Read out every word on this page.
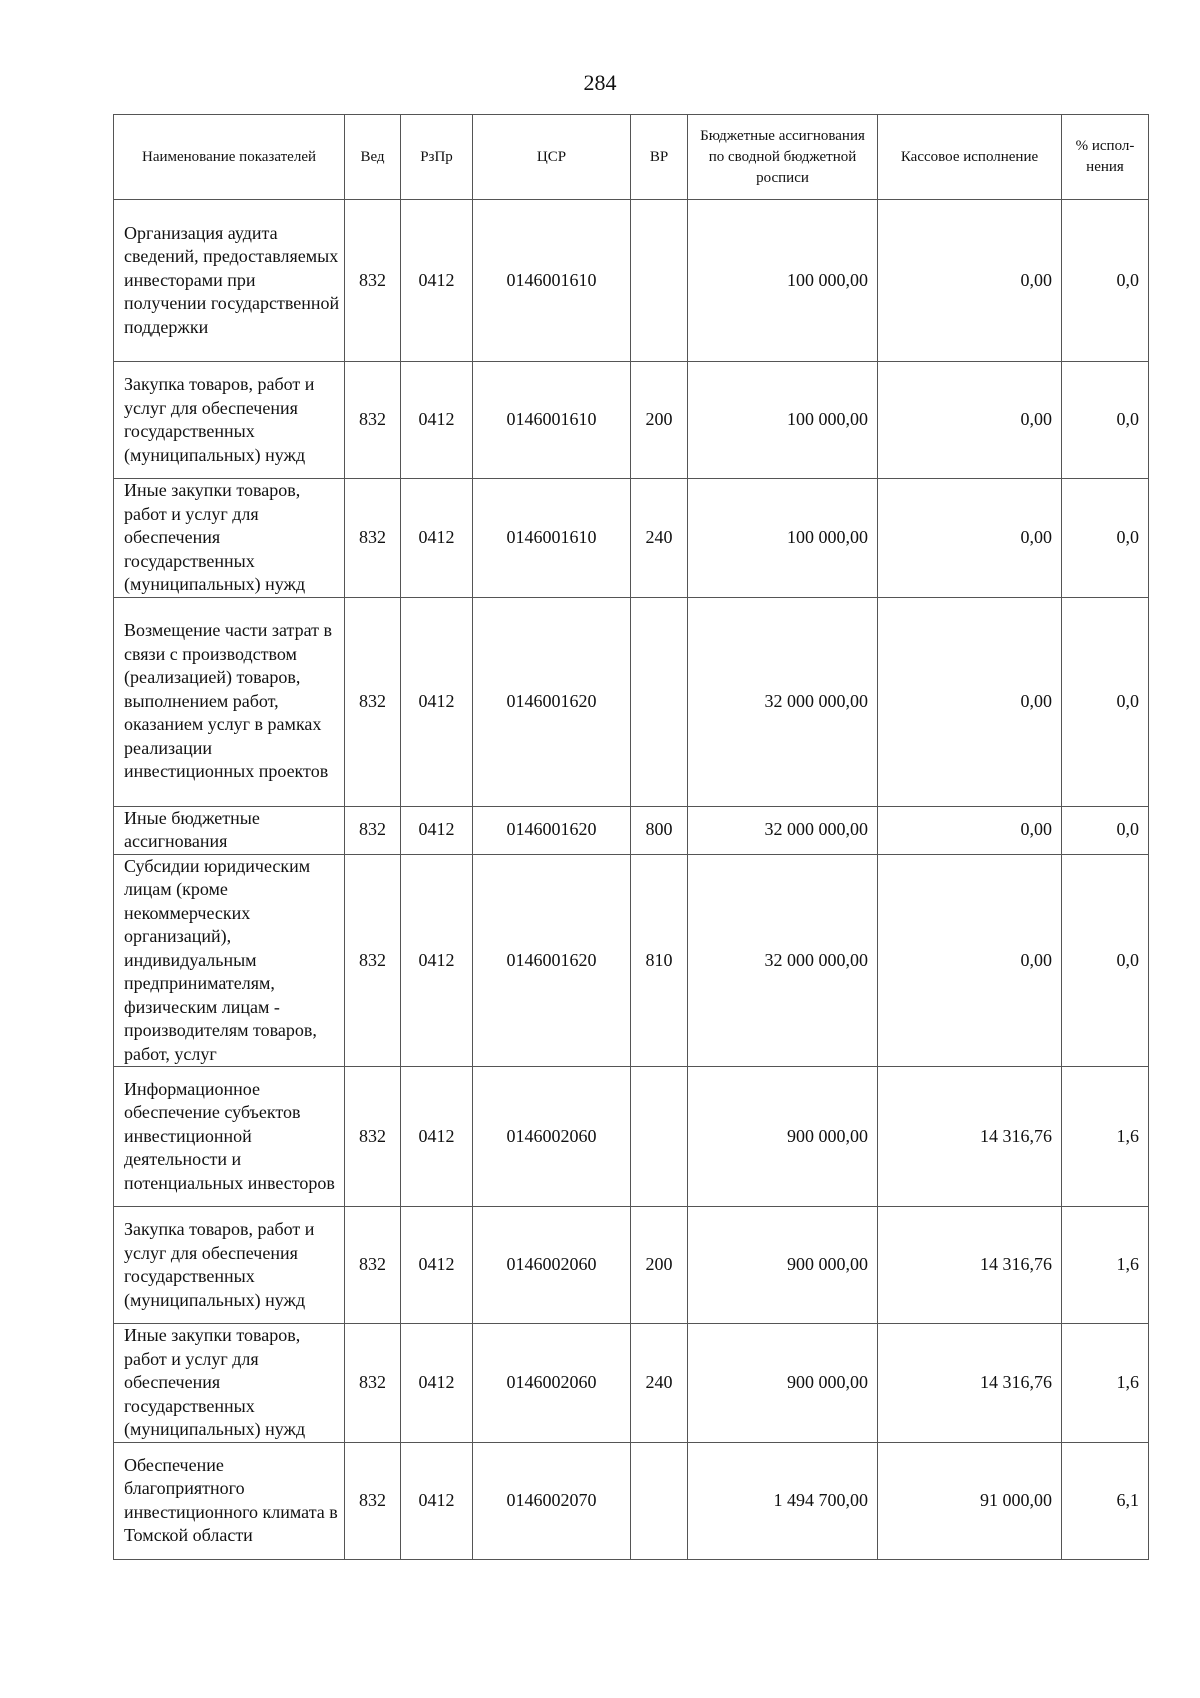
284
Наименование показателей	Вед	РзПр	ЦСР	ВР	Бюджетные ассигнования по сводной бюджетной росписи	Кассовое исполнение	% испол-нения
Организация аудита сведений, предоставляемых инвесторами при получении государственной поддержки	832	0412	0146001610		100 000,00	0,00	0,0
Закупка товаров, работ и услуг для обеспечения государственных (муниципальных) нужд	832	0412	0146001610	200	100 000,00	0,00	0,0
Иные закупки товаров, работ и услуг для обеспечения государственных (муниципальных) нужд	832	0412	0146001610	240	100 000,00	0,00	0,0
Возмещение части затрат в связи с производством (реализацией) товаров, выполнением работ, оказанием услуг в рамках реализации инвестиционных проектов	832	0412	0146001620		32 000 000,00	0,00	0,0
Иные бюджетные ассигнования	832	0412	0146001620	800	32 000 000,00	0,00	0,0
Субсидии юридическим лицам (кроме некоммерческих организаций), индивидуальным предпринимателям, физическим лицам - производителям товаров, работ, услуг	832	0412	0146001620	810	32 000 000,00	0,00	0,0
Информационное обеспечение субъектов инвестиционной деятельности и потенциальных инвесторов	832	0412	0146002060		900 000,00	14 316,76	1,6
Закупка товаров, работ и услуг для обеспечения государственных (муниципальных) нужд	832	0412	0146002060	200	900 000,00	14 316,76	1,6
Иные закупки товаров, работ и услуг для обеспечения государственных (муниципальных) нужд	832	0412	0146002060	240	900 000,00	14 316,76	1,6
Обеспечение благоприятного инвестиционного климата в Томской области	832	0412	0146002070		1 494 700,00	91 000,00	6,1
